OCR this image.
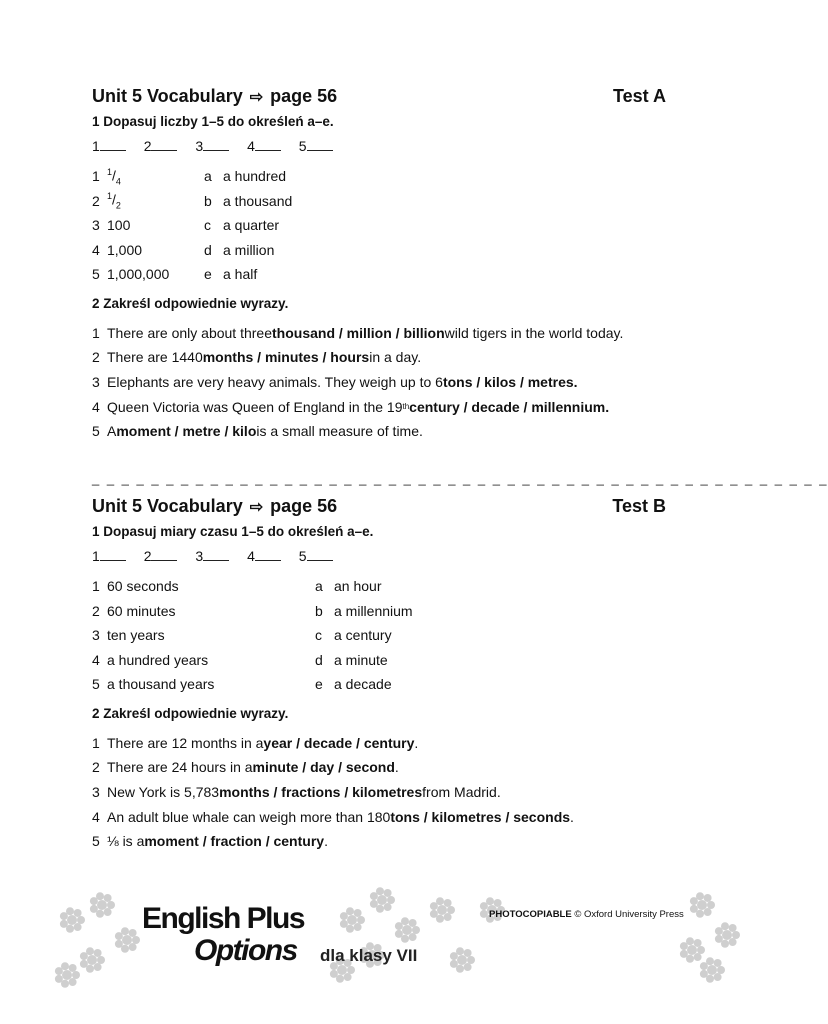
Unit 5 Vocabulary ⇨ page 56	Test A
1 Dopasuj liczby 1–5 do określeń a–e.
1	2	3	4	5
1 $^1/_4$	a a hundred
2 $^1/_2$	b a thousand
3 100	c a quarter
4 1,000	d a million
5 1,000,000	e a half
2 Zakreśl odpowiednie wyrazy.
1 There are only about three thousand / million / billion wild tigers in the world today.
2 There are 1440 months / minutes / hours in a day.
3 Elephants are very heavy animals. They weigh up to 6 tons / kilos / metres.
4 Queen Victoria was Queen of England in the 19 th century / decade / millennium.
5 A moment / metre / kilo is a small measure of time.
_ _ _ _ _ _ _ _ _ _ _ _ _ _ _ _ _ _ _ _ _ _ _ _ _ _ _ _ _ _ _ _ _ _ _ _ _ _ _ _ _ _ _ _ _ _ _ _ _ _
Unit 5 Vocabulary ⇨ page 56	Test B
1 Dopasuj miary czasu 1–5 do określeń a–e.
1	2	3	4	5
1 60 seconds	a an hour
2 60 minutes	b a millennium
3 ten years	c a century
4 a hundred years	d a minute
5 a thousand years	e a decade
2 Zakreśl odpowiednie wyrazy.
1 There are 12 months in a year / decade / century .
2 There are 24 hours in a minute / day / second .
3 New York is 5,783 months / fractions / kilometres from Madrid.
4 An adult blue whale can weigh more than 180 tons / kilometres / seconds .
5 ⅛ is a moment / fraction / century .
English Plus
Options dla klasy VII
PHOTOCOPIABLE © Oxford University Press
